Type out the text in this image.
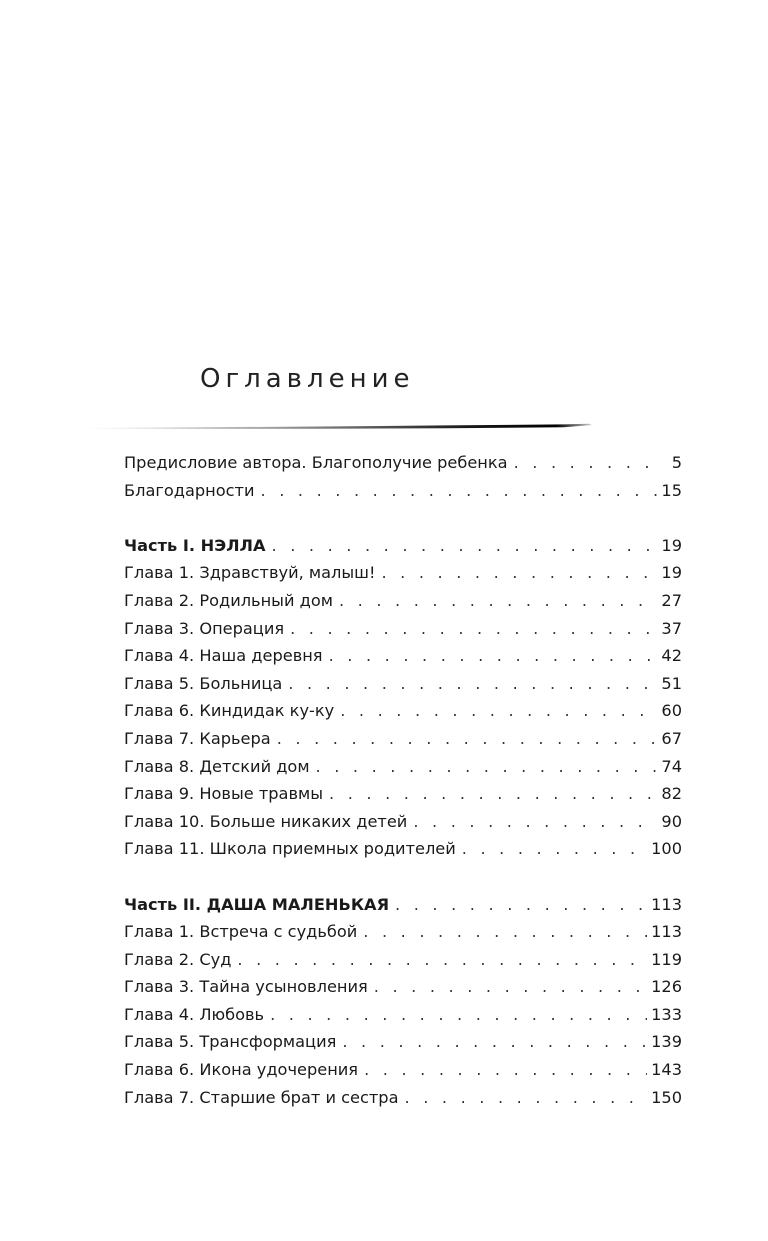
Оглавление
Предисловие автора. Благополучие ребенка . . .	5
Благодарности . . .	15
Часть I. НЭЛЛА . . .	19
Глава 1. Здравствуй, малыш! . . .	19
Глава 2. Родильный дом . . .	27
Глава 3. Операция . . .	37
Глава 4. Наша деревня . . .	42
Глава 5. Больница . . .	51
Глава 6. Киндидак ку-ку . . .	60
Глава 7. Карьера . . .	67
Глава 8. Детский дом . . .	74
Глава 9. Новые травмы . . .	82
Глава 10. Больше никаких детей . . .	90
Глава 11. Школа приемных родителей . . .	100
Часть II. ДАША МАЛЕНЬКАЯ . . .	113
Глава 1. Встреча с судьбой . . .	113
Глава 2. Суд . . .	119
Глава 3. Тайна усыновления . . .	126
Глава 4. Любовь . . .	133
Глава 5. Трансформация . . .	139
Глава 6. Икона удочерения . . .	143
Глава 7. Старшие брат и сестра . . .	150
